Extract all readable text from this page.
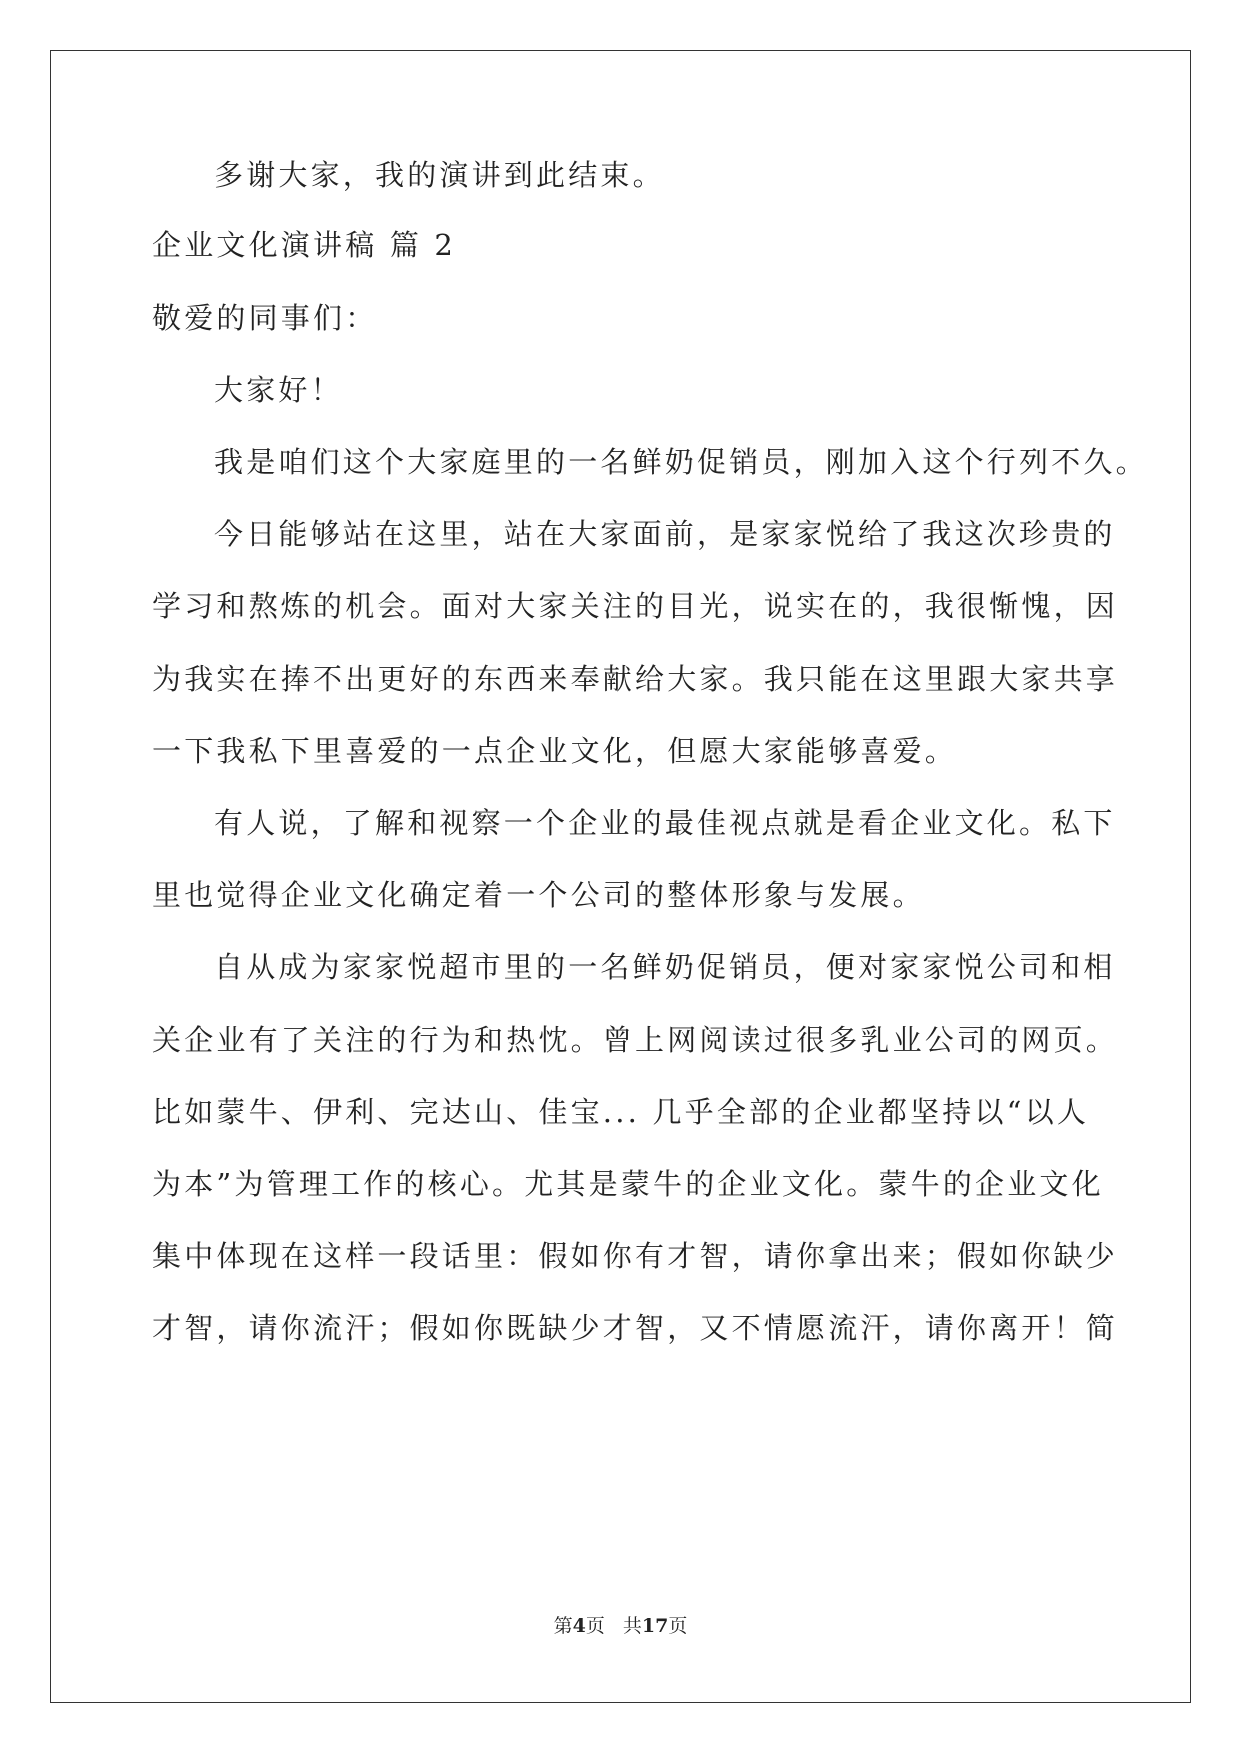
多谢大家，我的演讲到此结束。
企业文化演讲稿 篇 2
敬爱的同事们：
大家好！
我是咱们这个大家庭里的一名鲜奶促销员，刚加入这个行列不久。
今日能够站在这里，站在大家面前，是家家悦给了我这次珍贵的
学习和熬炼的机会。面对大家关注的目光，说实在的，我很惭愧，因
为我实在捧不出更好的东西来奉献给大家。我只能在这里跟大家共享
一下我私下里喜爱的一点企业文化，但愿大家能够喜爱。
有人说，了解和视察一个企业的最佳视点就是看企业文化。私下
里也觉得企业文化确定着一个公司的整体形象与发展。
自从成为家家悦超市里的一名鲜奶促销员，便对家家悦公司和相
关企业有了关注的行为和热忱。曾上网阅读过很多乳业公司的网页。
比如蒙牛、伊利、完达山、佳宝... 几乎全部的企业都坚持以“以人
为本”为管理工作的核心。尤其是蒙牛的企业文化。蒙牛的企业文化
集中体现在这样一段话里：假如你有才智，请你拿出来；假如你缺少
才智，请你流汗；假如你既缺少才智，又不情愿流汗，请你离开！简
第4页 共17页
